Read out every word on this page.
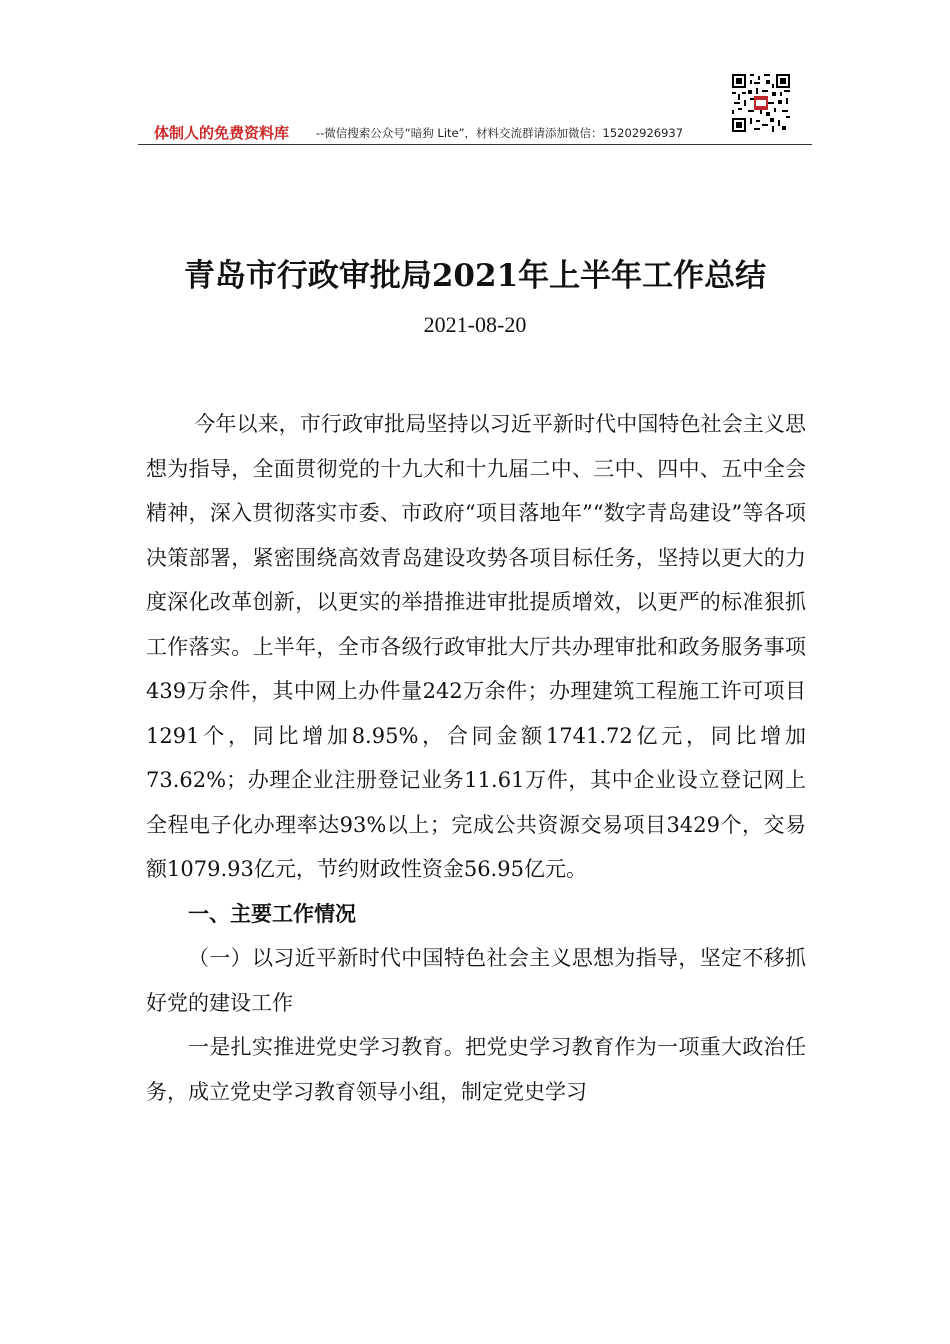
体制人的免费资料库 --微信搜索公众号“暗狗 Lite”，材料交流群请添加微信：15202926937
青岛市行政审批局2021年上半年工作总结
2021-08-20

今年以来，市行政审批局坚持以习近平新时代中国特色社会主义思想为指导，全面贯彻党的十九大和十九届二中、三中、四中、五中全会精神，深入贯彻落实市委、市政府“项目落地年”“数字青岛建设”等各项决策部署，紧密围绕高效青岛建设攻势各项目标任务，坚持以更大的力度深化改革创新，以更实的举措推进审批提质增效，以更严的标准狠抓工作落实。上半年，全市各级行政审批大厅共办理审批和政务服务事项439万余件，其中网上办件量242万余件；办理建筑工程施工许可项目1291个，同比增加8.95%，合同金额1741.72亿元，同比增加73.62%；办理企业注册登记业务11.61万件，其中企业设立登记网上全程电子化办理率达93%以上；完成公共资源交易项目3429个，交易额1079.93亿元，节约财政性资金56.95亿元。

一、主要工作情况

（一）以习近平新时代中国特色社会主义思想为指导，坚定不移抓好党的建设工作

一是扎实推进党史学习教育。把党史学习教育作为一项重大政治任务，成立党史学习教育领导小组，制定党史学习
